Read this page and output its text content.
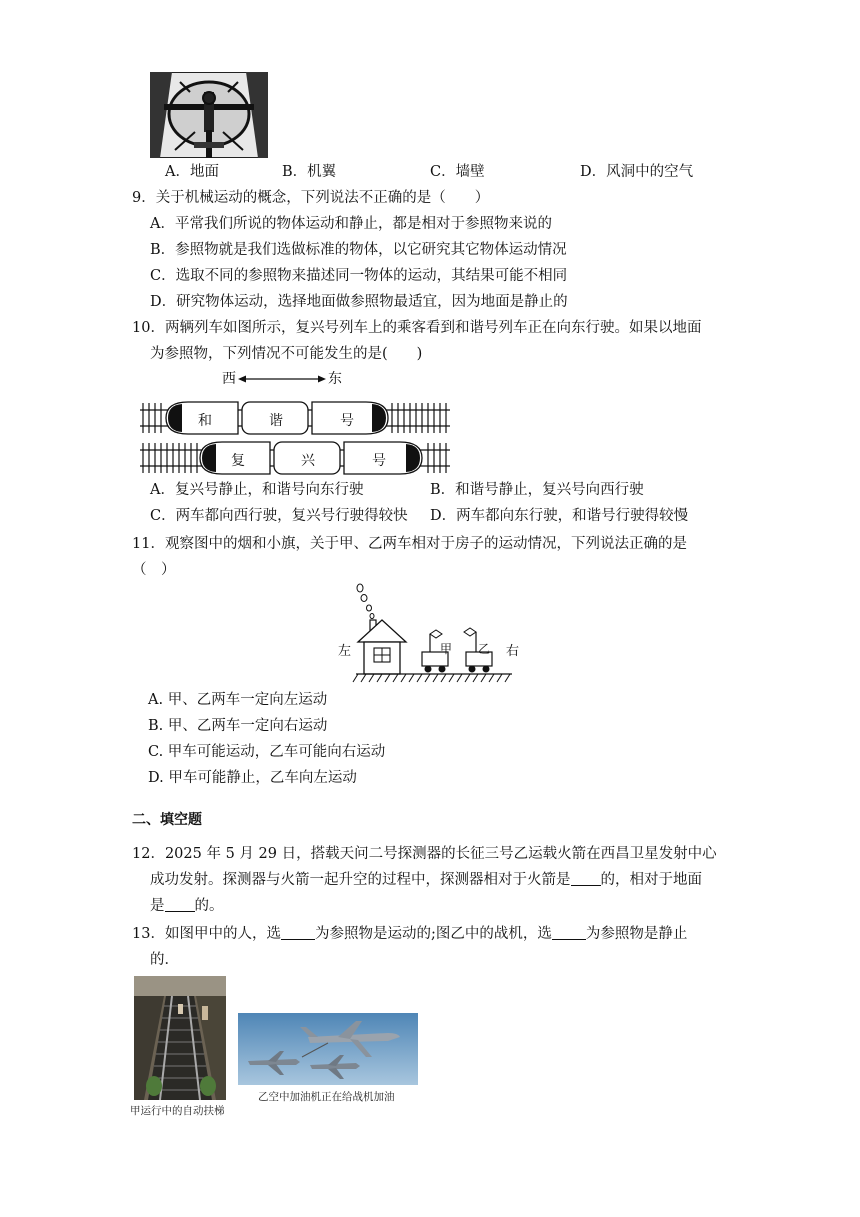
A．地面	B．机翼	C．墙壁	D．风洞中的空气
9．关于机械运动的概念，下列说法不正确的是（　　）
A．平常我们所说的物体运动和静止，都是相对于参照物来说的
B．参照物就是我们选做标准的物体，以它研究其它物体运动情况
C．选取不同的参照物来描述同一物体的运动，其结果可能不相同
D．研究物体运动，选择地面做参照物最适宜，因为地面是静止的
10．两辆列车如图所示，复兴号列车上的乘客看到和谐号列车正在向东行驶。如果以地面
为参照物，下列情况不可能发生的是(　　)
西	东
和	谐	号
复	兴	号
A．复兴号静止，和谐号向东行驶	B．和谐号静止，复兴号向西行驶
C．两车都向西行驶，复兴号行驶得较快 D．两车都向东行驶，和谐号行驶得较慢
11．观察图中的烟和小旗，关于甲、乙两车相对于房子的运动情况，下列说法正确的是
（　）
左	甲 乙 右
A. 甲、乙两车一定向左运动
B. 甲、乙两车一定向右运动
C. 甲车可能运动，乙车可能向右运动
D. 甲车可能静止，乙车向左运动
二、填空题
12．2025 年 5 月 29 日，搭载天问二号探测器的长征三号乙运载火箭在西昌卫星发射中心
成功发射。探测器与火箭一起升空的过程中，探测器相对于火箭是 的，相对于地面
是 的。
13．如图甲中的人，选 为参照物是运动的;图乙中的战机，选 为参照物是静止
的．
甲运行中的自动扶梯
乙空中加油机正在给战机加油
